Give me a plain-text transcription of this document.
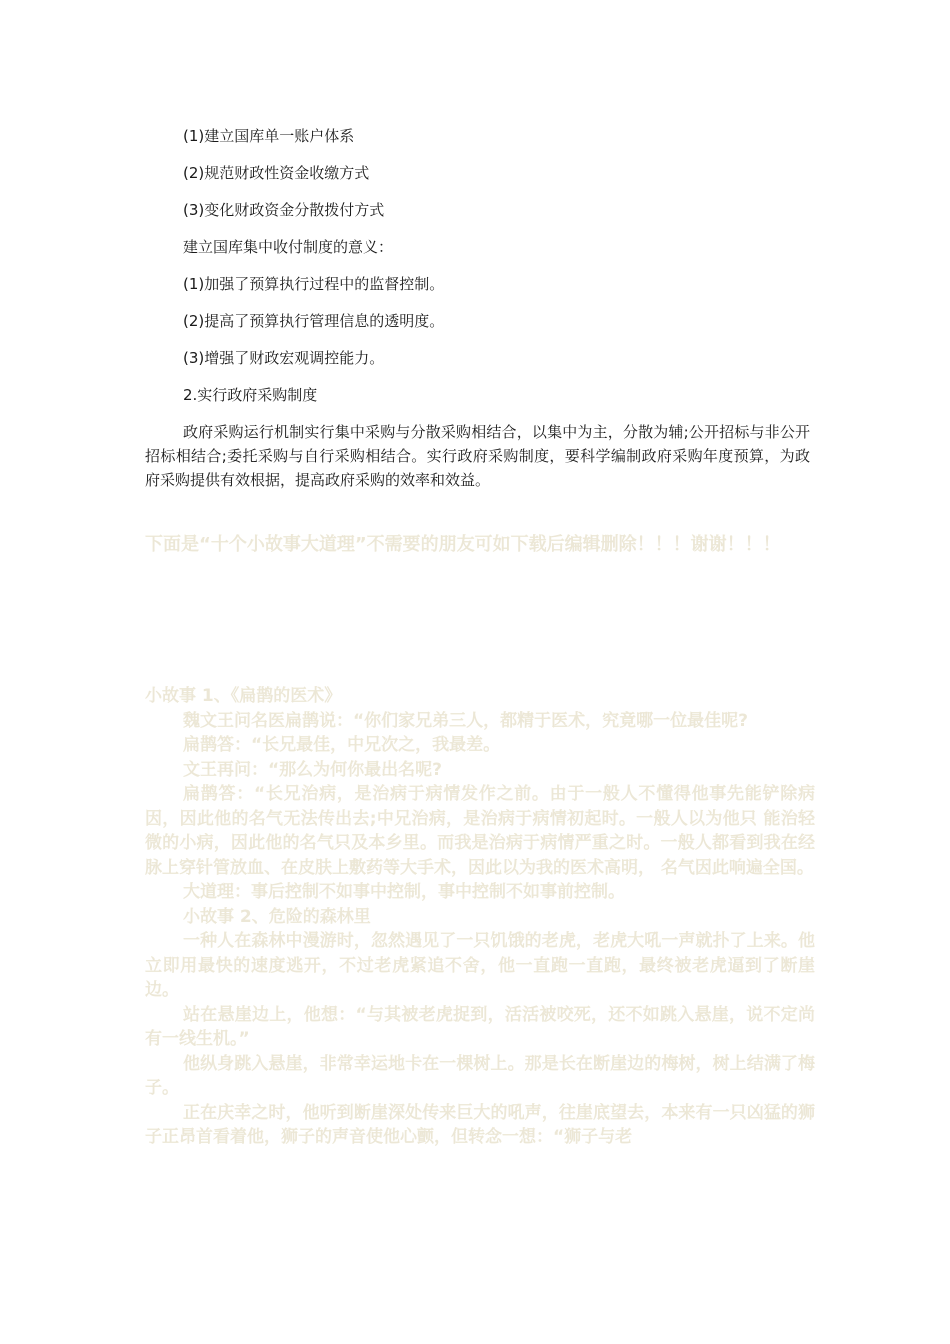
(1)建立国库单一账户体系
(2)规范财政性资金收缴方式
(3)变化财政资金分散拨付方式
建立国库集中收付制度的意义：
(1)加强了预算执行过程中的监督控制。
(2)提高了预算执行管理信息的透明度。
(3)增强了财政宏观调控能力。
2.实行政府采购制度
政府采购运行机制实行集中采购与分散采购相结合，以集中为主，分散为辅;公开招标与非公开招标相结合;委托采购与自行采购相结合。实行政府采购制度，要科学编制政府采购年度预算，为政府采购提供有效根据，提高政府采购的效率和效益。
下面是“十个小故事大道理”不需要的朋友可如下载后编辑删除！！！谢谢！！！

小故事 1、《扁鹊的医术》

魏文王问名医扁鹊说：“你们家兄弟三人，都精于医术，究竟哪一位最佳呢?

扁鹊答：“长兄最佳，中兄次之，我最差。

文王再问：“那么为何你最出名呢?

扁鹊答：“长兄治病，是治病于病情发作之前。由于一般人不懂得他事先能铲除病因，因此他的名气无法传出去;中兄治病，是治病于病情初起时。一般人以为他只 能治轻微的小病，因此他的名气只及本乡里。而我是治病于病情严重之时。一般人都看到我在经脉上穿针管放血、在皮肤上敷药等大手术，因此以为我的医术高明， 名气因此响遍全国。

大道理：事后控制不如事中控制，事中控制不如事前控制。

小故事 2、危险的森林里

一种人在森林中漫游时，忽然遇见了一只饥饿的老虎，老虎大吼一声就扑了上来。他立即用最快的速度逃开，不过老虎紧追不舍，他一直跑一直跑，最终被老虎逼到了断崖边。

站在悬崖边上，他想：“与其被老虎捉到，活活被咬死，还不如跳入悬崖，说不定尚有一线生机。”

他纵身跳入悬崖，非常幸运地卡在一棵树上。那是长在断崖边的梅树，树上结满了梅子。

正在庆幸之时，他听到断崖深处传来巨大的吼声，往崖底望去，本来有一只凶猛的狮子正昂首看着他，狮子的声音使他心颤，但转念一想：“狮子与老
